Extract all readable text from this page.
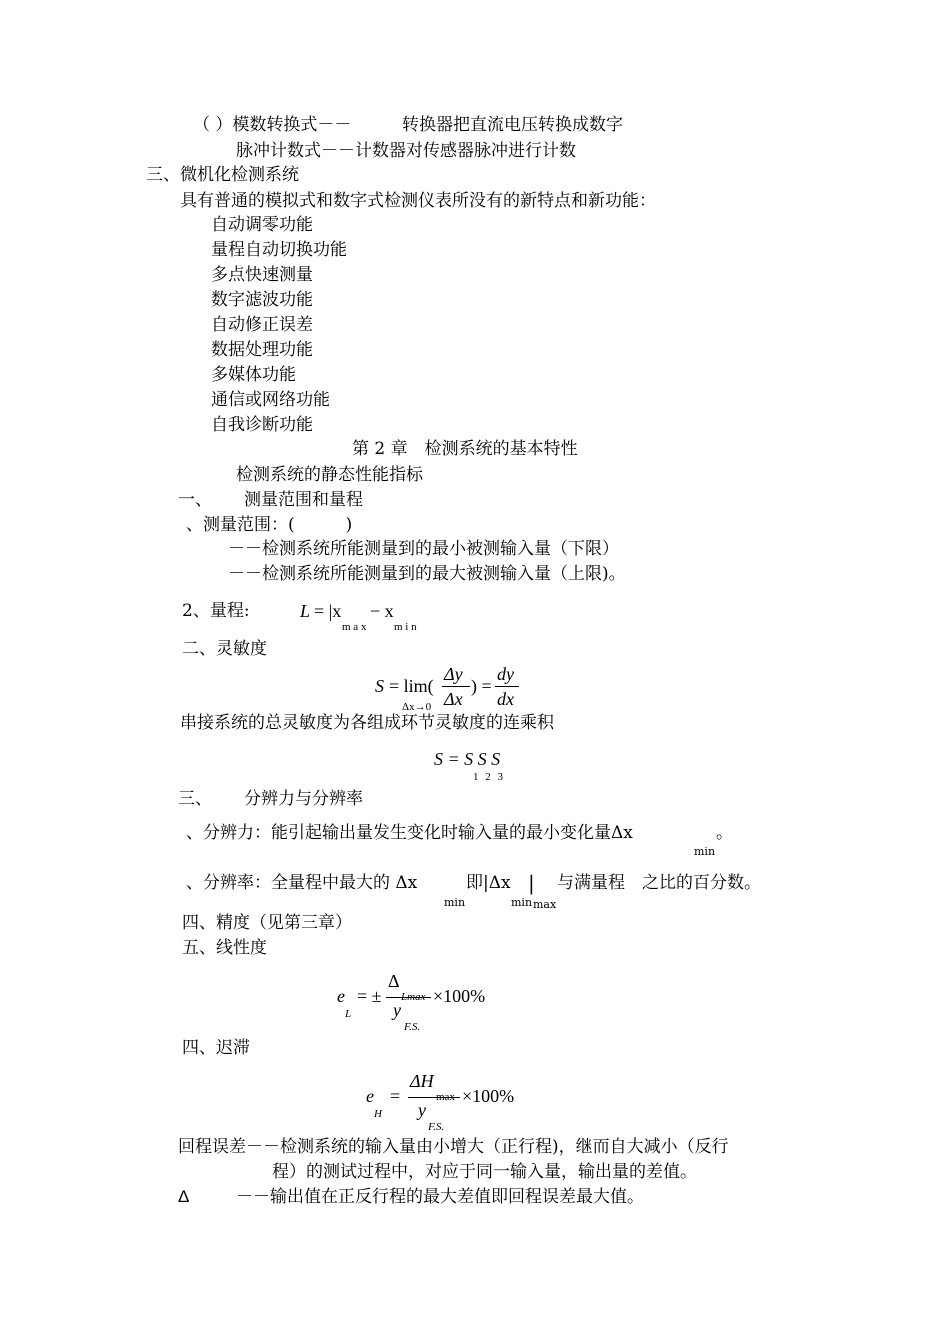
（ ）模数转换式－－	转换器把直流电压转换成数字
脉冲计数式－－计数器对传感器脉冲进行计数
三、微机化检测系统
具有普通的模拟式和数字式检测仪表所没有的新特点和新功能：
自动调零功能
量程自动切换功能
多点快速测量
数字滤波功能
自动修正误差
数据处理功能
多媒体功能
通信或网络功能
自我诊断功能
第 2 章　检测系统的基本特性
检测系统的静态性能指标
一、 测量范围和量程
、测量范围：(　　　)
－－检测系统所能测量到的最小被测输入量（下限）
－－检测系统所能测量到的最大被测输入量（上限)。
2、量程:	L = |x − x
m a x	m i n
二、灵敏度
S = lim(
Δx→0
Δy
Δx
) =
dy
dx
串接系统的总灵敏度为各组成环节灵敏度的连乘积
S = S S S
1 2 3
三、 分辨力与分辨率
、分辨力：能引起输出量发生变化时输入量的最小变化量Δx
min
。
、分辨率：全量程中最大的 Δx
min
即|Δx
min
|
max
与满量程　之比的百分数。
四、精度（见第三章）
五、线性度
e
L
= ±
Δ
Lmax ×100%
y
F.S.
四、迟滞
e
H
=
ΔH
max ×100%
y
F.S.
回程误差－－检测系统的输入量由小增大（正行程)，继而自大减小（反行
程）的测试过程中，对应于同一输入量，输出量的差值。
Δ	－－输出值在正反行程的最大差值即回程误差最大值。
